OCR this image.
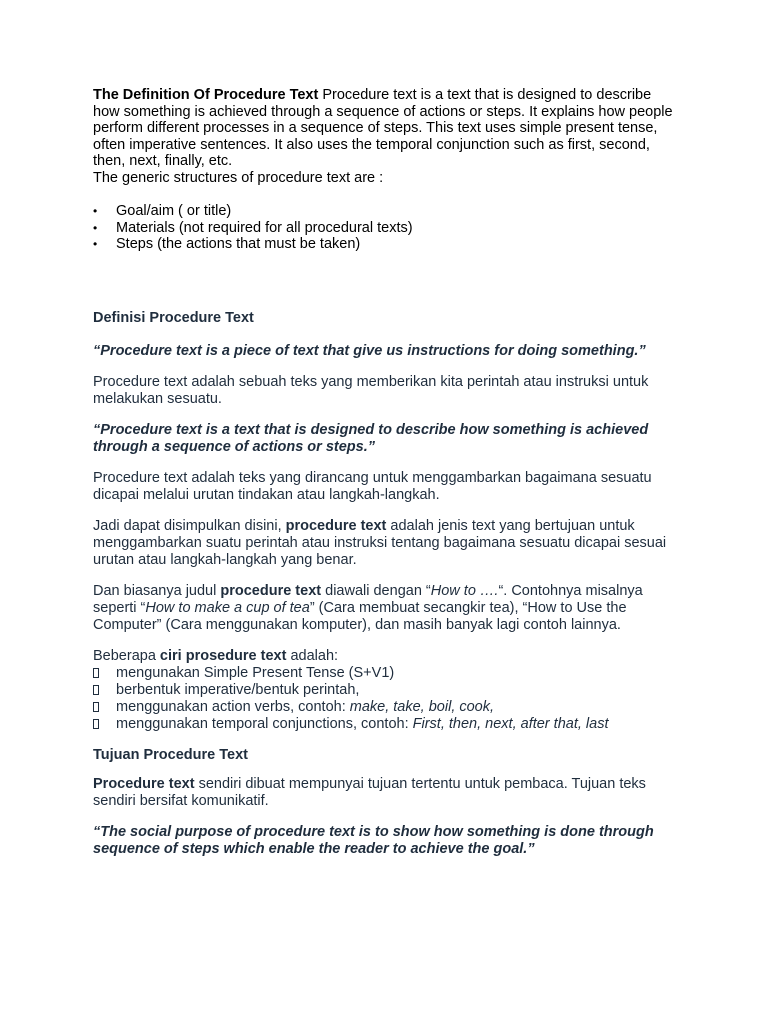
The Definition Of Procedure Text Procedure text is a text that is designed to describe how something is achieved through a sequence of actions or steps. It explains how people perform different processes in a sequence of steps. This text uses simple present tense, often imperative sentences. It also uses the temporal conjunction such as first, second, then, next, finally, etc.

The generic structures of procedure text are :

• Goal/aim ( or title)
• Materials (not required for all procedural texts)
• Steps (the actions that must be taken)

Definisi Procedure Text

“Procedure text is a piece of text that give us instructions for doing something.”

Procedure text adalah sebuah teks yang memberikan kita perintah atau instruksi untuk melakukan sesuatu.

“Procedure text is a text that is designed to describe how something is achieved through a sequence of actions or steps.”

Procedure text adalah teks yang dirancang untuk menggambarkan bagaimana sesuatu dicapai melalui urutan tindakan atau langkah-langkah.

Jadi dapat disimpulkan disini, procedure text adalah jenis text yang bertujuan untuk menggambarkan suatu perintah atau instruksi tentang bagaimana sesuatu dicapai sesuai urutan atau langkah-langkah yang benar.

Dan biasanya judul procedure text diawali dengan “How to ….“. Contohnya misalnya seperti “How to make a cup of tea” (Cara membuat secangkir tea), “How to Use the Computer” (Cara menggunakan komputer), dan masih banyak lagi contoh lainnya.

Beberapa ciri prosedure text adalah:

mengunakan Simple Present Tense (S+V1)
berbentuk imperative/bentuk perintah,
menggunakan action verbs, contoh: make, take, boil, cook,
menggunakan temporal conjunctions, contoh: First, then, next, after that, last

Tujuan Procedure Text

Procedure text sendiri dibuat mempunyai tujuan tertentu untuk pembaca. Tujuan teks sendiri bersifat komunikatif.

“The social purpose of procedure text is to show how something is done through sequence of steps which enable the reader to achieve the goal.”
